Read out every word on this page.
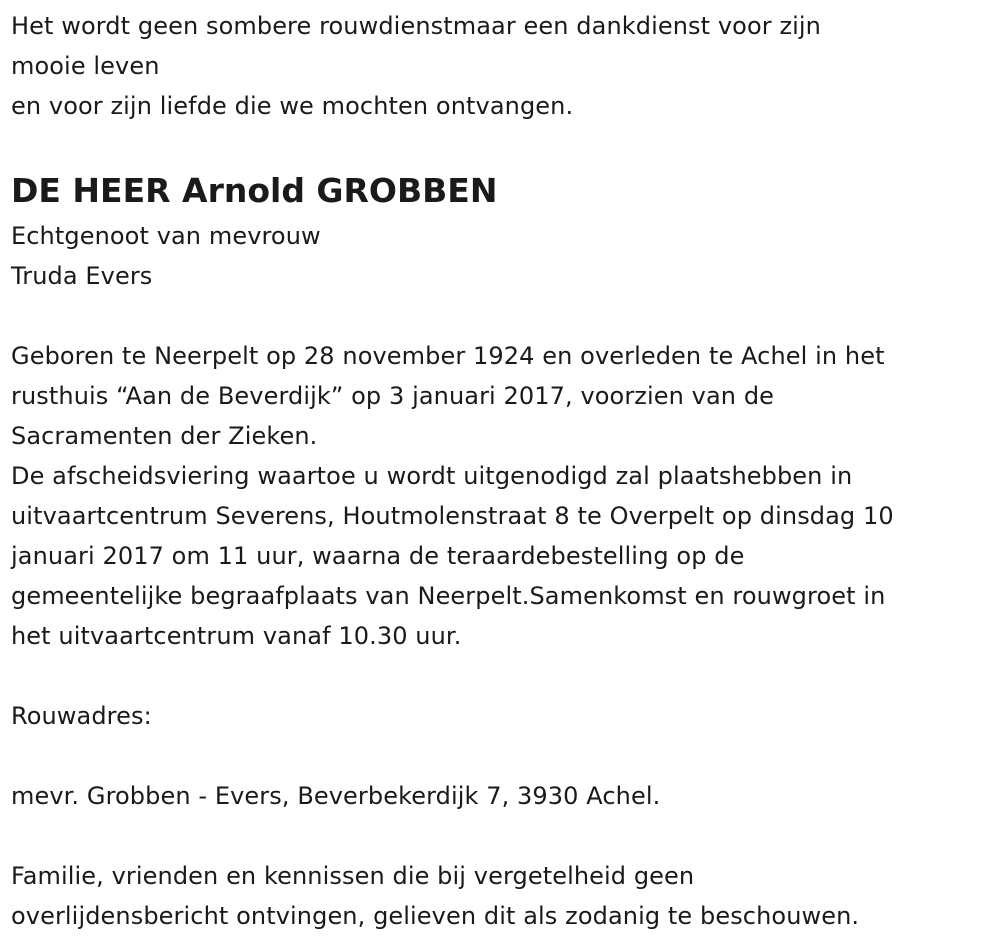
Het wordt geen sombere rouwdienstmaar een dankdienst voor zijn
mooie leven
en voor zijn liefde die we mochten ontvangen.
DE HEER Arnold GROBBEN
Echtgenoot van mevrouw
Truda Evers
Geboren te Neerpelt op 28 november 1924 en overleden te Achel in het
rusthuis “Aan de Beverdijk” op 3 januari 2017, voorzien van de
Sacramenten der Zieken.
De afscheidsviering waartoe u wordt uitgenodigd zal plaatshebben in
uitvaartcentrum Severens, Houtmolenstraat 8 te Overpelt op dinsdag 10
januari 2017 om 11 uur, waarna de teraardebestelling op de
gemeentelijke begraafplaats van Neerpelt.Samenkomst en rouwgroet in
het uitvaartcentrum vanaf 10.30 uur.
Rouwadres:
mevr. Grobben - Evers, Beverbekerdijk 7, 3930 Achel.
Familie, vrienden en kennissen die bij vergetelheid geen
overlijdensbericht ontvingen, gelieven dit als zodanig te beschouwen.
